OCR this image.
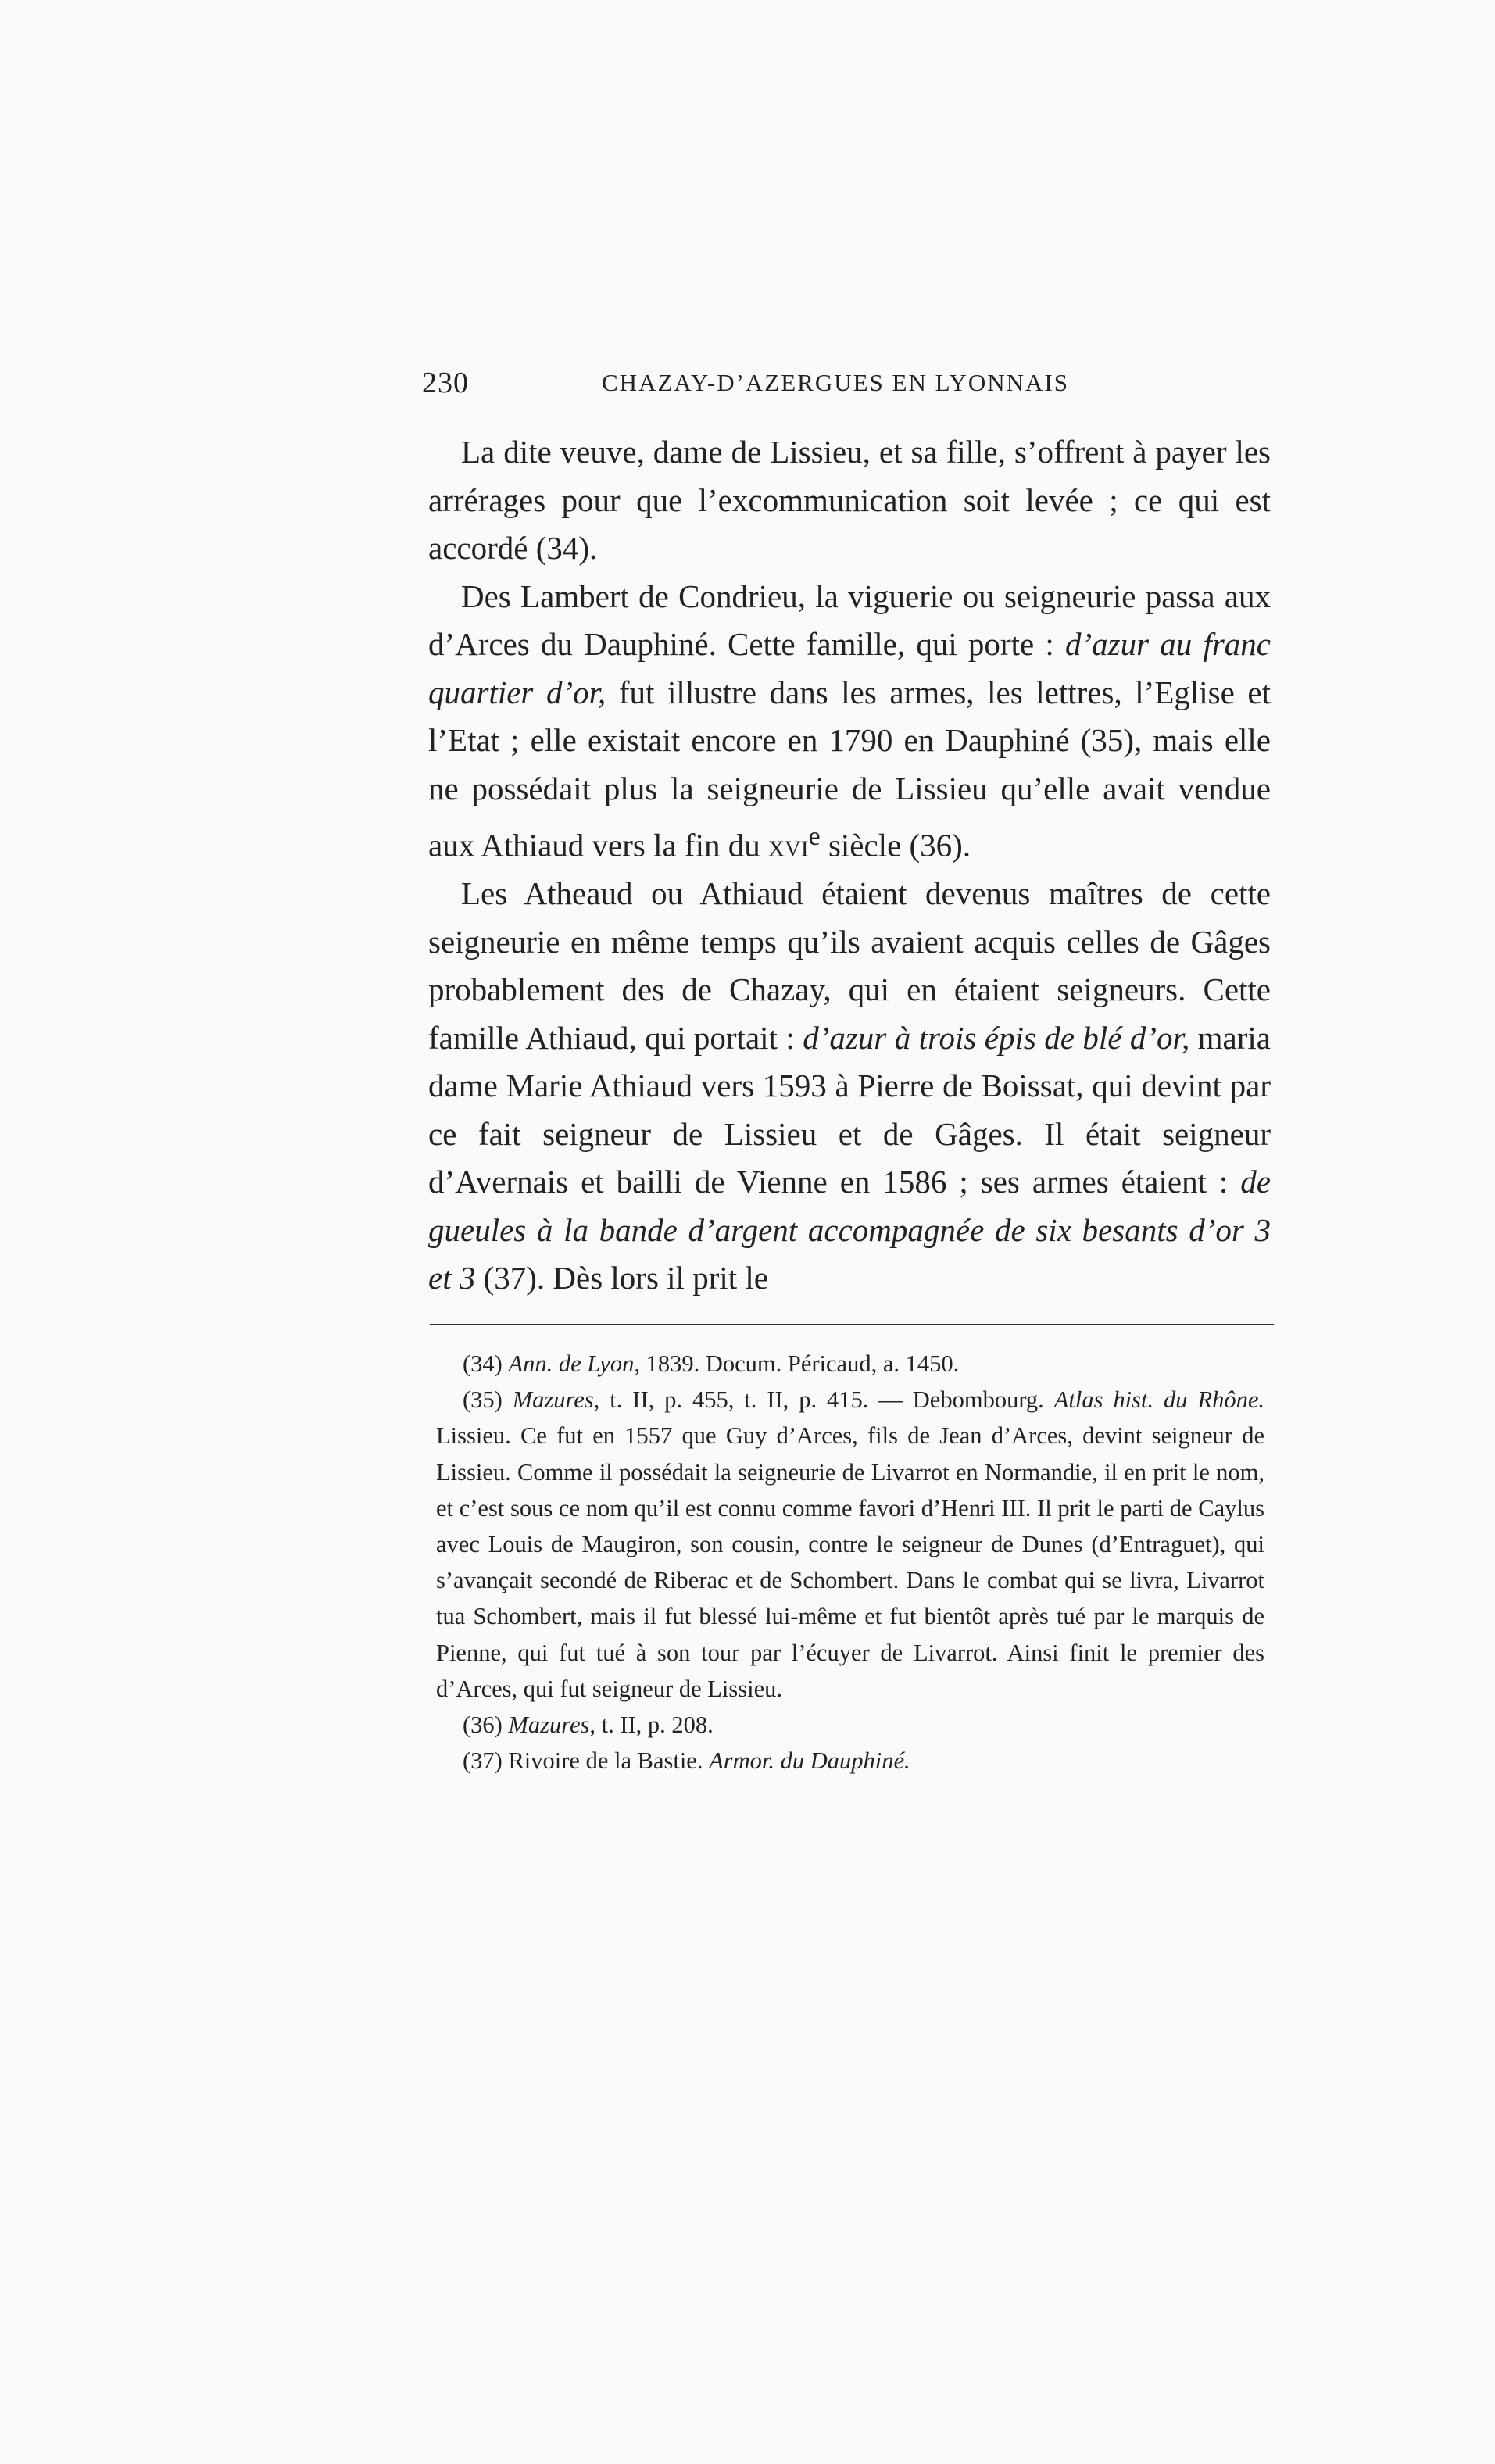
230	CHAZAY-D’AZERGUES EN LYONNAIS

La dite veuve, dame de Lissieu, et sa fille, s’offrent à payer les arrérages pour que l’excommunication soit levée ; ce qui est accordé (34).

Des Lambert de Condrieu, la viguerie ou seigneurie passa aux d’Arces du Dauphiné. Cette famille, qui porte : d’azur au franc quartier d’or, fut illustre dans les armes, les lettres, l’Eglise et l’Etat ; elle existait encore en 1790 en Dauphiné (35), mais elle ne possédait plus la seigneurie de Lissieu qu’elle avait vendue aux Athiaud vers la fin du xvi$^e$ siècle (36).

Les Atheaud ou Athiaud étaient devenus maîtres de cette seigneurie en même temps qu’ils avaient acquis celles de Gâges probablement des de Chazay, qui en étaient seigneurs. Cette famille Athiaud, qui portait : d’azur à trois épis de blé d’or, maria dame Marie Athiaud vers 1593 à Pierre de Boissat, qui devint par ce fait seigneur de Lissieu et de Gâges. Il était seigneur d’Avernais et bailli de Vienne en 1586 ; ses armes étaient : de gueules à la bande d’argent accompagnée de six besants d’or 3 et 3 (37). Dès lors il prit le

(34) Ann. de Lyon, 1839. Docum. Péricaud, a. 1450.

(35) Mazures, t. II, p. 455, t. II, p. 415. — Debombourg. Atlas hist. du Rhône. Lissieu. Ce fut en 1557 que Guy d’Arces, fils de Jean d’Arces, devint seigneur de Lissieu. Comme il possédait la seigneurie de Livarrot en Normandie, il en prit le nom, et c’est sous ce nom qu’il est connu comme favori d’Henri III. Il prit le parti de Caylus avec Louis de Maugiron, son cousin, contre le seigneur de Dunes (d’Entraguet), qui s’avançait secondé de Riberac et de Schombert. Dans le combat qui se livra, Livarrot tua Schombert, mais il fut blessé lui-même et fut bientôt après tué par le marquis de Pienne, qui fut tué à son tour par l’écuyer de Livarrot. Ainsi finit le premier des d’Arces, qui fut seigneur de Lissieu.

(36) Mazures, t. II, p. 208.

(37) Rivoire de la Bastie. Armor. du Dauphiné.
